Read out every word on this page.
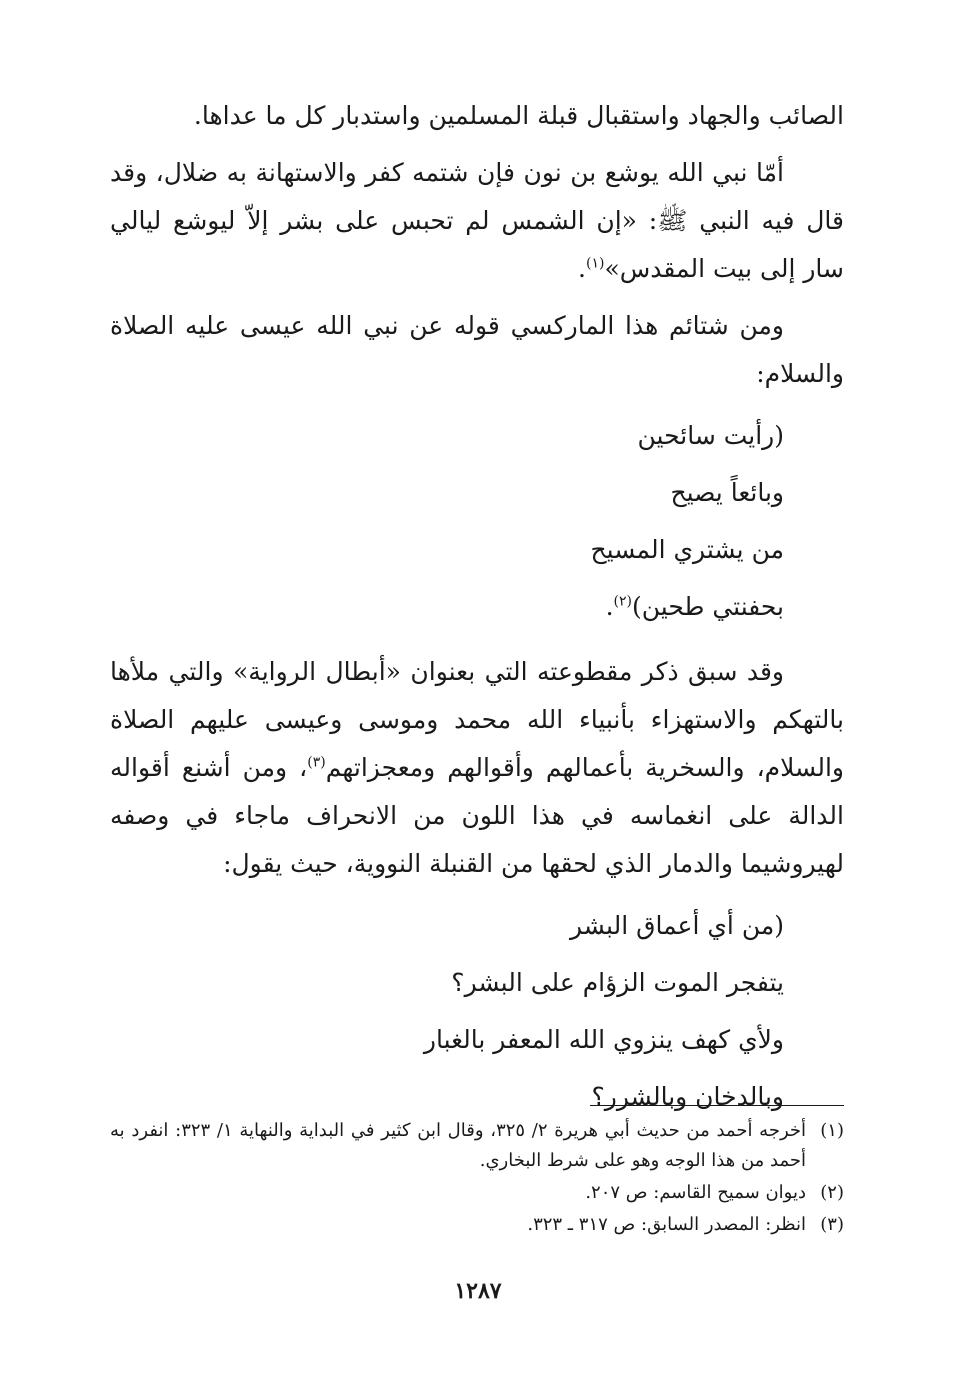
الصائب والجهاد واستقبال قبلة المسلمين واستدبار كل ما عداها.

أمّا نبي الله يوشع بن نون فإن شتمه كفر والاستهانة به ضلال، وقد قال فيه النبي ﷺ: «إن الشمس لم تحبس على بشر إلاّ ليوشع ليالي سار إلى بيت المقدس»$^{(١)}$.

ومن شتائم هذا الماركسي قوله عن نبي الله عيسى عليه الصلاة والسلام:

(رأيت سائحين

وبائعاً يصيح

من يشتري المسيح

بحفنتي طحين)$^{(٢)}$.

وقد سبق ذكر مقطوعته التي بعنوان «أبطال الرواية» والتي ملأها بالتهكم والاستهزاء بأنبياء الله محمد وموسى وعيسى عليهم الصلاة والسلام، والسخرية بأعمالهم وأقوالهم ومعجزاتهم$^{(٣)}$، ومن أشنع أقواله الدالة على انغماسه في هذا اللون من الانحراف ماجاء في وصفه لهيروشيما والدمار الذي لحقها من القنبلة النووية، حيث يقول:

(من أي أعماق البشر

يتفجر الموت الزؤام على البشر؟

ولأي كهف ينزوي الله المعفر بالغبار

وبالدخان وبالشرر؟

(١)
أخرجه أحمد من حديث أبي هريرة ٢/ ٣٢٥، وقال ابن كثير في البداية والنهاية ١/ ٣٢٣: انفرد به أحمد من هذا الوجه وهو على شرط البخاري.
(٢)
ديوان سميح القاسم: ص ٢٠٧.
(٣)
انظر: المصدر السابق: ص ٣١٧ ـ ٣٢٣.
١٢٨٧
